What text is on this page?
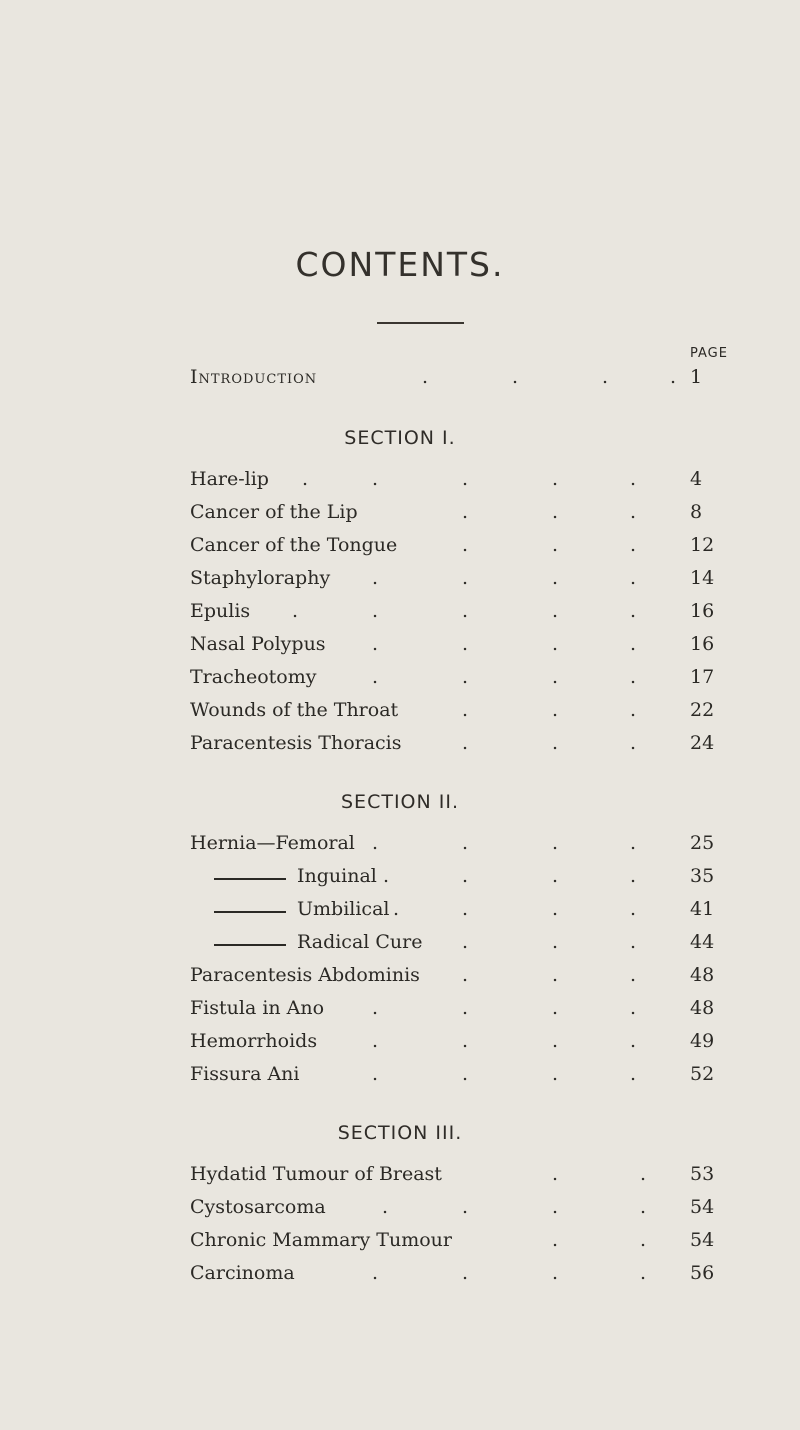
CONTENTS.
PAGE
Introduction	.	.	.	. 1
SECTION I.
Hare-lip .	.	.	.	.	4
Cancer of the Lip	.	.	.	8
Cancer of the Tongue	.	.	.	12
Staphyloraphy .	.	.	.	14
Epulis .	.	.	.	.	16
Nasal Polypus .	.	.	.	16
Tracheotomy	.	.	.	.	17
Wounds of the Throat	.	.	.	22
Paracentesis Thoracis	.	.	.	24
SECTION II.
Hernia—Femoral .	.	.	.	25
Inguinal .	.	.	.	35
Umbilical .	.	.	.	41
Radical Cure .	.	.	44
Paracentesis Abdominis .	.	.	48
Fistula in Ano	.	.	.	.	48
Hemorrhoids	.	.	.	.	49
Fissura Ani	.	.	.	.	52
SECTION III.
Hydatid Tumour of Breast	.	. 53
Cystosarcoma	.	.	.	. 54
Chronic Mammary Tumour	.	. 54
Carcinoma	.	.	.	. 56
